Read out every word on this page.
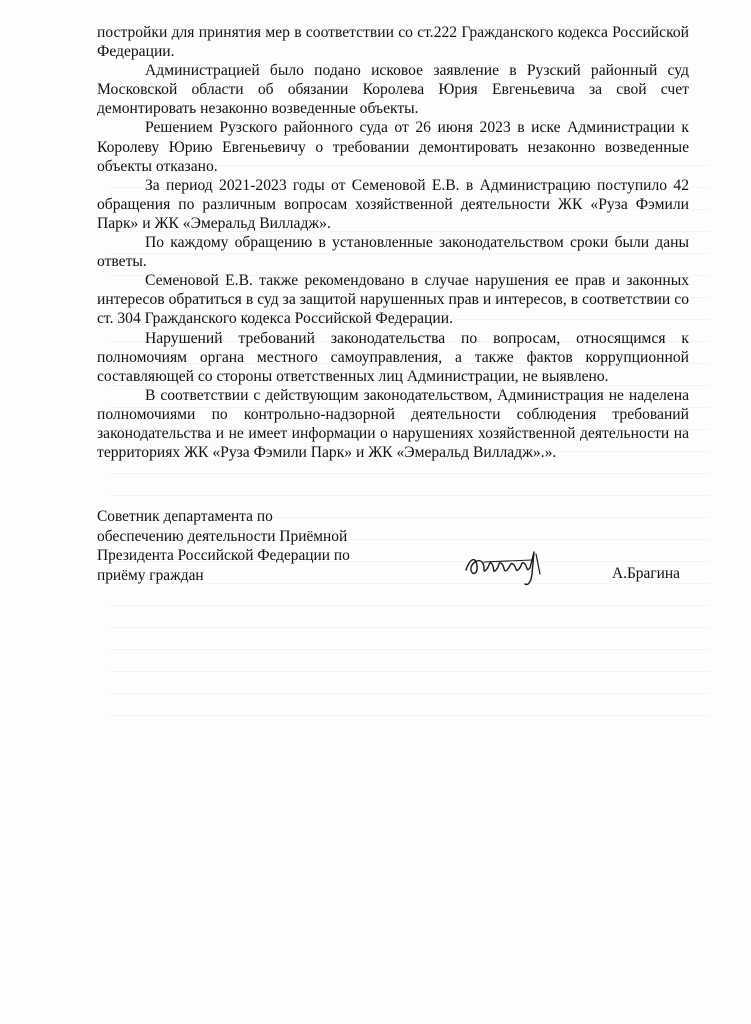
постройки для принятия мер в соответствии со ст.222 Гражданского кодекса Российской Федерации.

Администрацией было подано исковое заявление в Рузский районный суд Московской области об обязании Королева Юрия Евгеньевича за свой счет демонтировать незаконно возведенные объекты.

Решением Рузского районного суда от 26 июня 2023 в иске Администрации к Королеву Юрию Евгеньевичу о требовании демонтировать незаконно возведенные объекты отказано.

За период 2021-2023 годы от Семеновой Е.В. в Администрацию поступило 42 обращения по различным вопросам хозяйственной деятельности ЖК «Руза Фэмили Парк» и ЖК «Эмеральд Вилладж».

По каждому обращению в установленные законодательством сроки были даны ответы.

Семеновой Е.В. также рекомендовано в случае нарушения ее прав и законных интересов обратиться в суд за защитой нарушенных прав и интересов, в соответствии со ст. 304 Гражданского кодекса Российской Федерации.

Нарушений требований законодательства по вопросам, относящимся к полномочиям органа местного самоуправления, а также фактов коррупционной составляющей со стороны ответственных лиц Администрации, не выявлено.

В соответствии с действующим законодательством, Администрация не наделена полномочиями по контрольно-надзорной деятельности соблюдения требований законодательства и не имеет информации о нарушениях хозяйственной деятельности на территориях ЖК «Руза Фэмили Парк» и ЖК «Эмеральд Вилладж».».

Советник департамента по
обеспечению деятельности Приёмной
Президента Российской Федерации по
приёму граждан	А.Брагина
